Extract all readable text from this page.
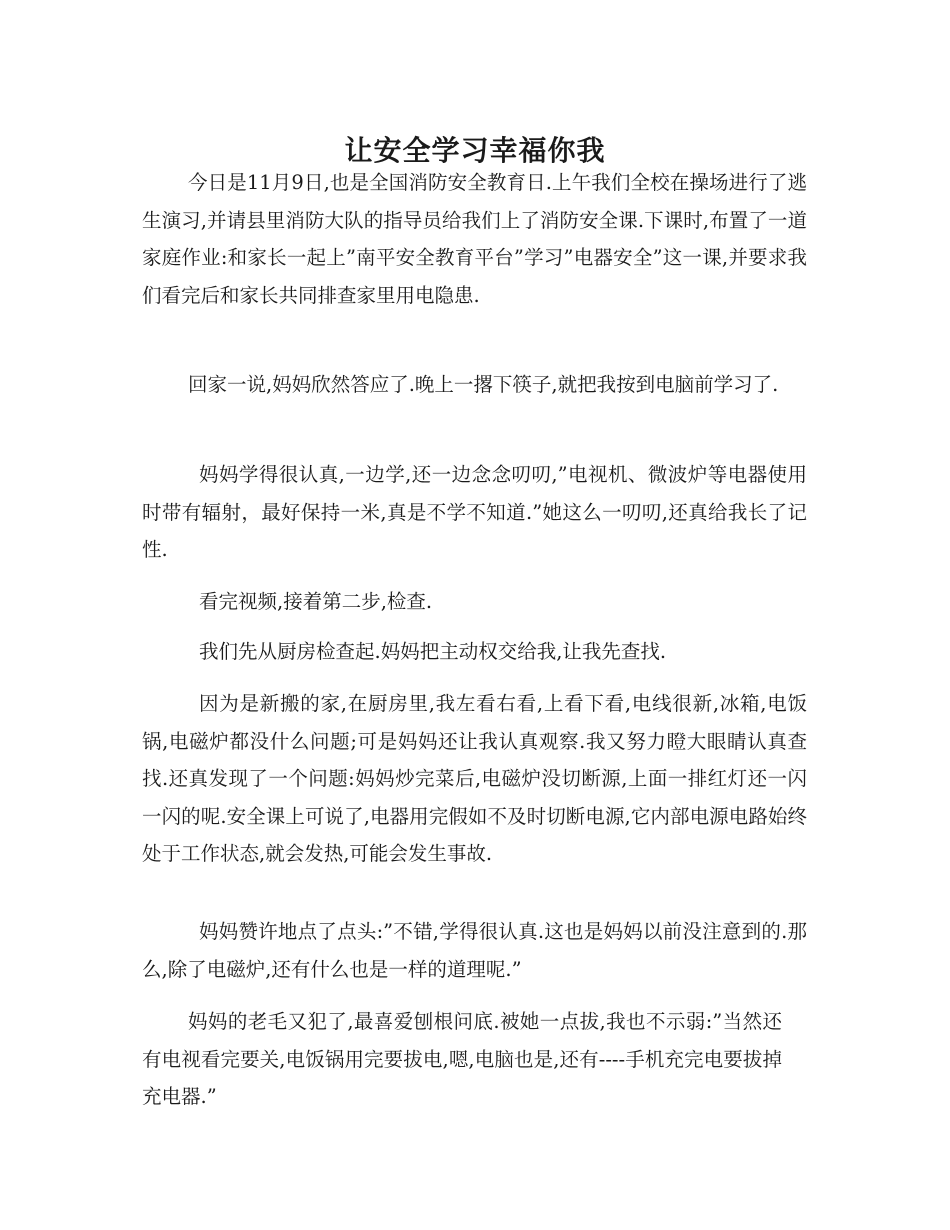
让安全学习幸福你我

今日是11月9日,也是全国消防安全教育日.上午我们全校在操场进行了逃生演习,并请县里消防大队的指导员给我们上了消防安全课.下课时,布置了一道家庭作业:和家长一起上”南平安全教育平台”学习”电器安全”这一课,并要求我们看完后和家长共同排查家里用电隐患.

回家一说,妈妈欣然答应了.晚上一撂下筷子,就把我按到电脑前学习了.

妈妈学得很认真,一边学,还一边念念叨叨,”电视机、微波炉等电器使用时带有辐射，最好保持一米,真是不学不知道.”她这么一叨叨,还真给我长了记性.

看完视频,接着第二步,检查.

我们先从厨房检查起.妈妈把主动权交给我,让我先查找.

因为是新搬的家,在厨房里,我左看右看,上看下看,电线很新,冰箱,电饭锅,电磁炉都没什么问题;可是妈妈还让我认真观察.我又努力瞪大眼睛认真查找.还真发现了一个问题:妈妈炒完菜后,电磁炉没切断源,上面一排红灯还一闪一闪的呢.安全课上可说了,电器用完假如不及时切断电源,它内部电源电路始终处于工作状态,就会发热,可能会发生事故.

妈妈赞许地点了点头:”不错,学得很认真.这也是妈妈以前没注意到的.那么,除了电磁炉,还有什么也是一样的道理呢.”

妈妈的老毛又犯了,最喜爱刨根问底.被她一点拔,我也不示弱:”当然还有电视看完要关,电饭锅用完要拔电,嗯,电脑也是,还有----手机充完电要拔掉充电器.”
